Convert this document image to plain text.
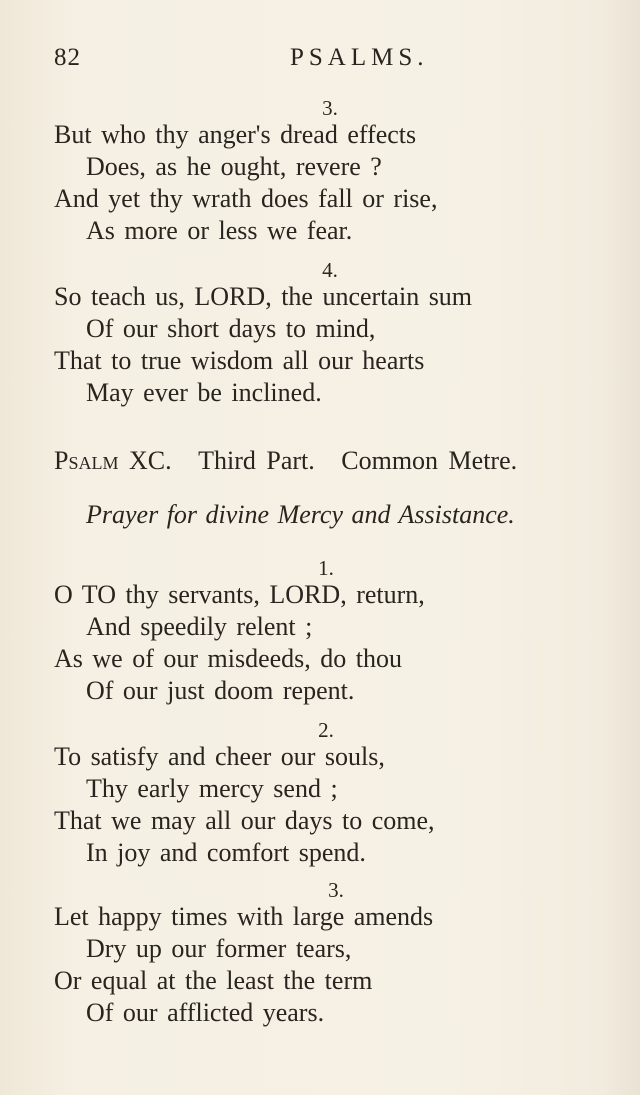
82	PSALMS.
3.
But who thy anger's dread effects
Does, as he ought, revere ?
And yet thy wrath does fall or rise,
As more or less we fear.
4.
So teach us, LORD, the uncertain sum
Of our short days to mind,
That to true wisdom all our hearts
May ever be inclined.
Psalm XC. Third Part. Common Metre.
Prayer for divine Mercy and Assistance.
1.
O TO thy servants, LORD, return,
And speedily relent ;
As we of our misdeeds, do thou
Of our just doom repent.
2.
To satisfy and cheer our souls,
Thy early mercy send ;
That we may all our days to come,
In joy and comfort spend.
3.
Let happy times with large amends
Dry up our former tears,
Or equal at the least the term
Of our afflicted years.
